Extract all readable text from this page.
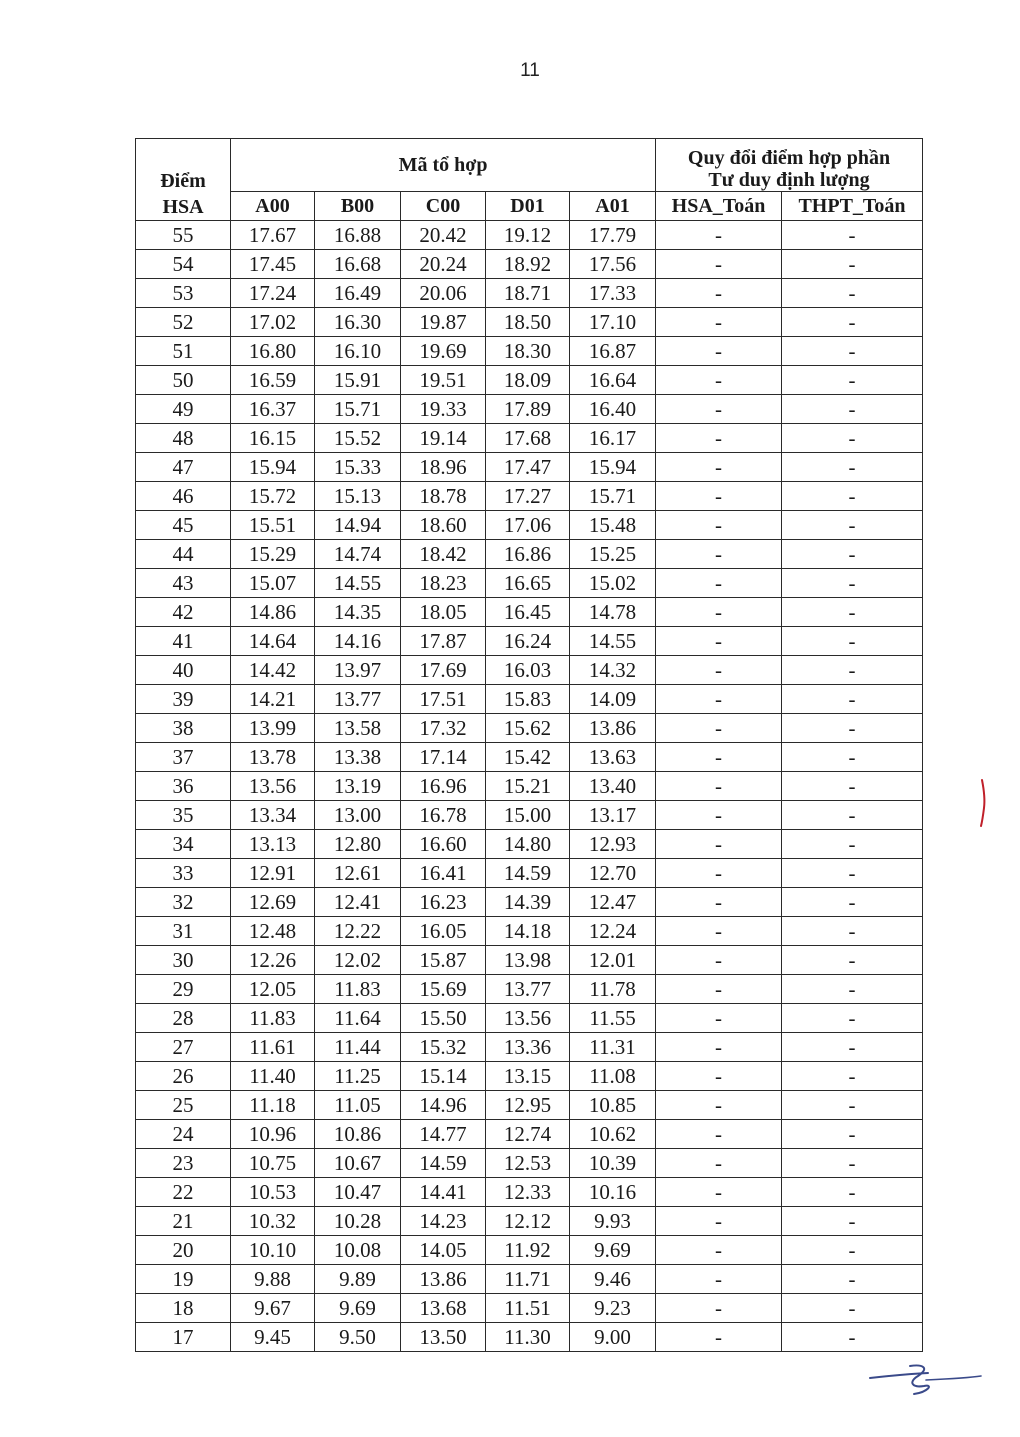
11
Điểm
HSA	Mã tổ hợp					Quy đổi điểm hợp phần
Tư duy định lượng	

	A00	B00	C00	D01	A01	HSA_Toán	THPT_Toán
55	17.67	16.88	20.42	19.12	17.79	-	-
54	17.45	16.68	20.24	18.92	17.56	-	-
53	17.24	16.49	20.06	18.71	17.33	-	-
52	17.02	16.30	19.87	18.50	17.10	-	-
51	16.80	16.10	19.69	18.30	16.87	-	-
50	16.59	15.91	19.51	18.09	16.64	-	-
49	16.37	15.71	19.33	17.89	16.40	-	-
48	16.15	15.52	19.14	17.68	16.17	-	-
47	15.94	15.33	18.96	17.47	15.94	-	-
46	15.72	15.13	18.78	17.27	15.71	-	-
45	15.51	14.94	18.60	17.06	15.48	-	-
44	15.29	14.74	18.42	16.86	15.25	-	-
43	15.07	14.55	18.23	16.65	15.02	-	-
42	14.86	14.35	18.05	16.45	14.78	-	-
41	14.64	14.16	17.87	16.24	14.55	-	-
40	14.42	13.97	17.69	16.03	14.32	-	-
39	14.21	13.77	17.51	15.83	14.09	-	-
38	13.99	13.58	17.32	15.62	13.86	-	-
37	13.78	13.38	17.14	15.42	13.63	-	-
36	13.56	13.19	16.96	15.21	13.40	-	-
35	13.34	13.00	16.78	15.00	13.17	-	-
34	13.13	12.80	16.60	14.80	12.93	-	-
33	12.91	12.61	16.41	14.59	12.70	-	-
32	12.69	12.41	16.23	14.39	12.47	-	-
31	12.48	12.22	16.05	14.18	12.24	-	-
30	12.26	12.02	15.87	13.98	12.01	-	-
29	12.05	11.83	15.69	13.77	11.78	-	-
28	11.83	11.64	15.50	13.56	11.55	-	-
27	11.61	11.44	15.32	13.36	11.31	-	-
26	11.40	11.25	15.14	13.15	11.08	-	-
25	11.18	11.05	14.96	12.95	10.85	-	-
24	10.96	10.86	14.77	12.74	10.62	-	-
23	10.75	10.67	14.59	12.53	10.39	-	-
22	10.53	10.47	14.41	12.33	10.16	-	-
21	10.32	10.28	14.23	12.12	9.93	-	-
20	10.10	10.08	14.05	11.92	9.69	-	-
19	9.88	9.89	13.86	11.71	9.46	-	-
18	9.67	9.69	13.68	11.51	9.23	-	-
17	9.45	9.50	13.50	11.30	9.00	-	-
